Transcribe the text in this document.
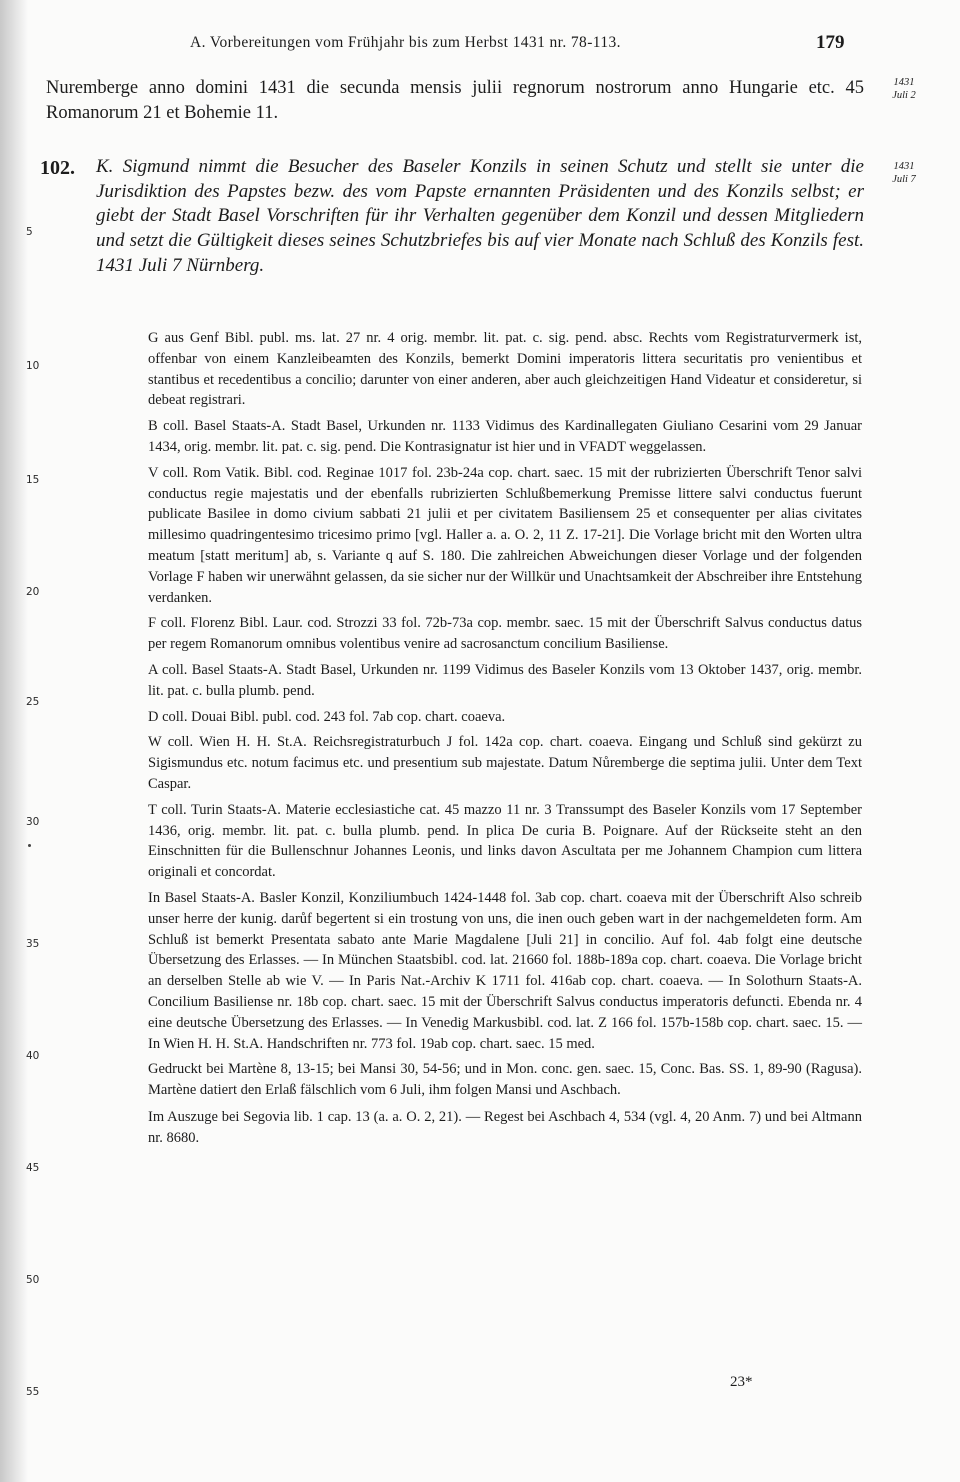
A. Vorbereitungen vom Frühjahr bis zum Herbst 1431 nr. 78-113.	179
Nuremberge anno domini 1431 die secunda mensis julii regnorum nostrorum anno Hungarie etc. 45 Romanorum 21 et Bohemie 11.
1431
Juli 2
1431
Juli 7
102. K. Sigmund nimmt die Besucher des Baseler Konzils in seinen Schutz und stellt sie unter die Jurisdiktion des Papstes bezw. des vom Papste ernannten Präsidenten und des Konzils selbst; er giebt der Stadt Basel Vorschriften für ihr Verhalten gegenüber dem Konzil und dessen Mitgliedern und setzt die Gültigkeit dieses seines Schutzbriefes bis auf vier Monate nach Schluß des Konzils fest. 1431 Juli 7 Nürnberg.

G aus Genf Bibl. publ. ms. lat. 27 nr. 4 orig. membr. lit. pat. c. sig. pend. absc. Rechts vom Registraturvermerk ist, offenbar von einem Kanzleibeamten des Konzils, bemerkt Domini imperatoris littera securitatis pro venientibus et stantibus et recedentibus a concilio; darunter von einer anderen, aber auch gleichzeitigen Hand Videatur et consideretur, si debeat registrari.

B coll. Basel Staats-A. Stadt Basel, Urkunden nr. 1133 Vidimus des Kardinallegaten Giuliano Cesarini vom 29 Januar 1434, orig. membr. lit. pat. c. sig. pend. Die Kontrasignatur ist hier und in VFADT weggelassen.

V coll. Rom Vatik. Bibl. cod. Reginae 1017 fol. 23b-24a cop. chart. saec. 15 mit der rubrizierten Überschrift Tenor salvi conductus regie majestatis und der ebenfalls rubrizierten Schlußbemerkung Premisse littere salvi conductus fuerunt publicate Basilee in domo civium sabbati 21 julii et per civitatem Basiliensem 25 et consequenter per alias civitates millesimo quadringentesimo tricesimo primo [vgl. Haller a. a. O. 2, 11 Z. 17-21]. Die Vorlage bricht mit den Worten ultra meatum [statt meritum] ab, s. Variante q auf S. 180. Die zahlreichen Abweichungen dieser Vorlage und der folgenden Vorlage F haben wir unerwähnt gelassen, da sie sicher nur der Willkür und Unachtsamkeit der Abschreiber ihre Entstehung verdanken.

F coll. Florenz Bibl. Laur. cod. Strozzi 33 fol. 72b-73a cop. membr. saec. 15 mit der Überschrift Salvus conductus datus per regem Romanorum omnibus volentibus venire ad sacrosanctum concilium Basiliense.

A coll. Basel Staats-A. Stadt Basel, Urkunden nr. 1199 Vidimus des Baseler Konzils vom 13 Oktober 1437, orig. membr. lit. pat. c. bulla plumb. pend.

D coll. Douai Bibl. publ. cod. 243 fol. 7ab cop. chart. coaeva.

W coll. Wien H. H. St.A. Reichsregistraturbuch J fol. 142a cop. chart. coaeva. Eingang und Schluß sind gekürzt zu Sigismundus etc. notum facimus etc. und presentium sub majestate. Datum Nůremberge die septima julii. Unter dem Text Caspar.

T coll. Turin Staats-A. Materie ecclesiastiche cat. 45 mazzo 11 nr. 3 Transsumpt des Baseler Konzils vom 17 September 1436, orig. membr. lit. pat. c. bulla plumb. pend. In plica De curia B. Poignare. Auf der Rückseite steht an den Einschnitten für die Bullenschnur Johannes Leonis, und links davon Ascultata per me Johannem Champion cum littera originali et concordat.

In Basel Staats-A. Basler Konzil, Konziliumbuch 1424-1448 fol. 3ab cop. chart. coaeva mit der Überschrift Also schreib unser herre der kunig. darůf begertent si ein trostung von uns, die inen ouch geben wart in der nachgemeldeten form. Am Schluß ist bemerkt Presentata sabato ante Marie Magdalene [Juli 21] in concilio. Auf fol. 4ab folgt eine deutsche Übersetzung des Erlasses. — In München Staatsbibl. cod. lat. 21660 fol. 188b-189a cop. chart. coaeva. Die Vorlage bricht an derselben Stelle ab wie V. — In Paris Nat.-Archiv K 1711 fol. 416ab cop. chart. coaeva. — In Solothurn Staats-A. Concilium Basiliense nr. 18b cop. chart. saec. 15 mit der Überschrift Salvus conductus imperatoris defuncti. Ebenda nr. 4 eine deutsche Übersetzung des Erlasses. — In Venedig Markusbibl. cod. lat. Z 166 fol. 157b-158b cop. chart. saec. 15. — In Wien H. H. St.A. Handschriften nr. 773 fol. 19ab cop. chart. saec. 15 med.

Gedruckt bei Martène 8, 13-15; bei Mansi 30, 54-56; und in Mon. conc. gen. saec. 15, Conc. Bas. SS. 1, 89-90 (Ragusa). Martène datiert den Erlaß fälschlich vom 6 Juli, ihm folgen Mansi und Aschbach.

Im Auszuge bei Segovia lib. 1 cap. 13 (a. a. O. 2, 21). — Regest bei Aschbach 4, 534 (vgl. 4, 20 Anm. 7) und bei Altmann nr. 8680.

23*
5
10
15
20
25
30
35
40
45
50
55
